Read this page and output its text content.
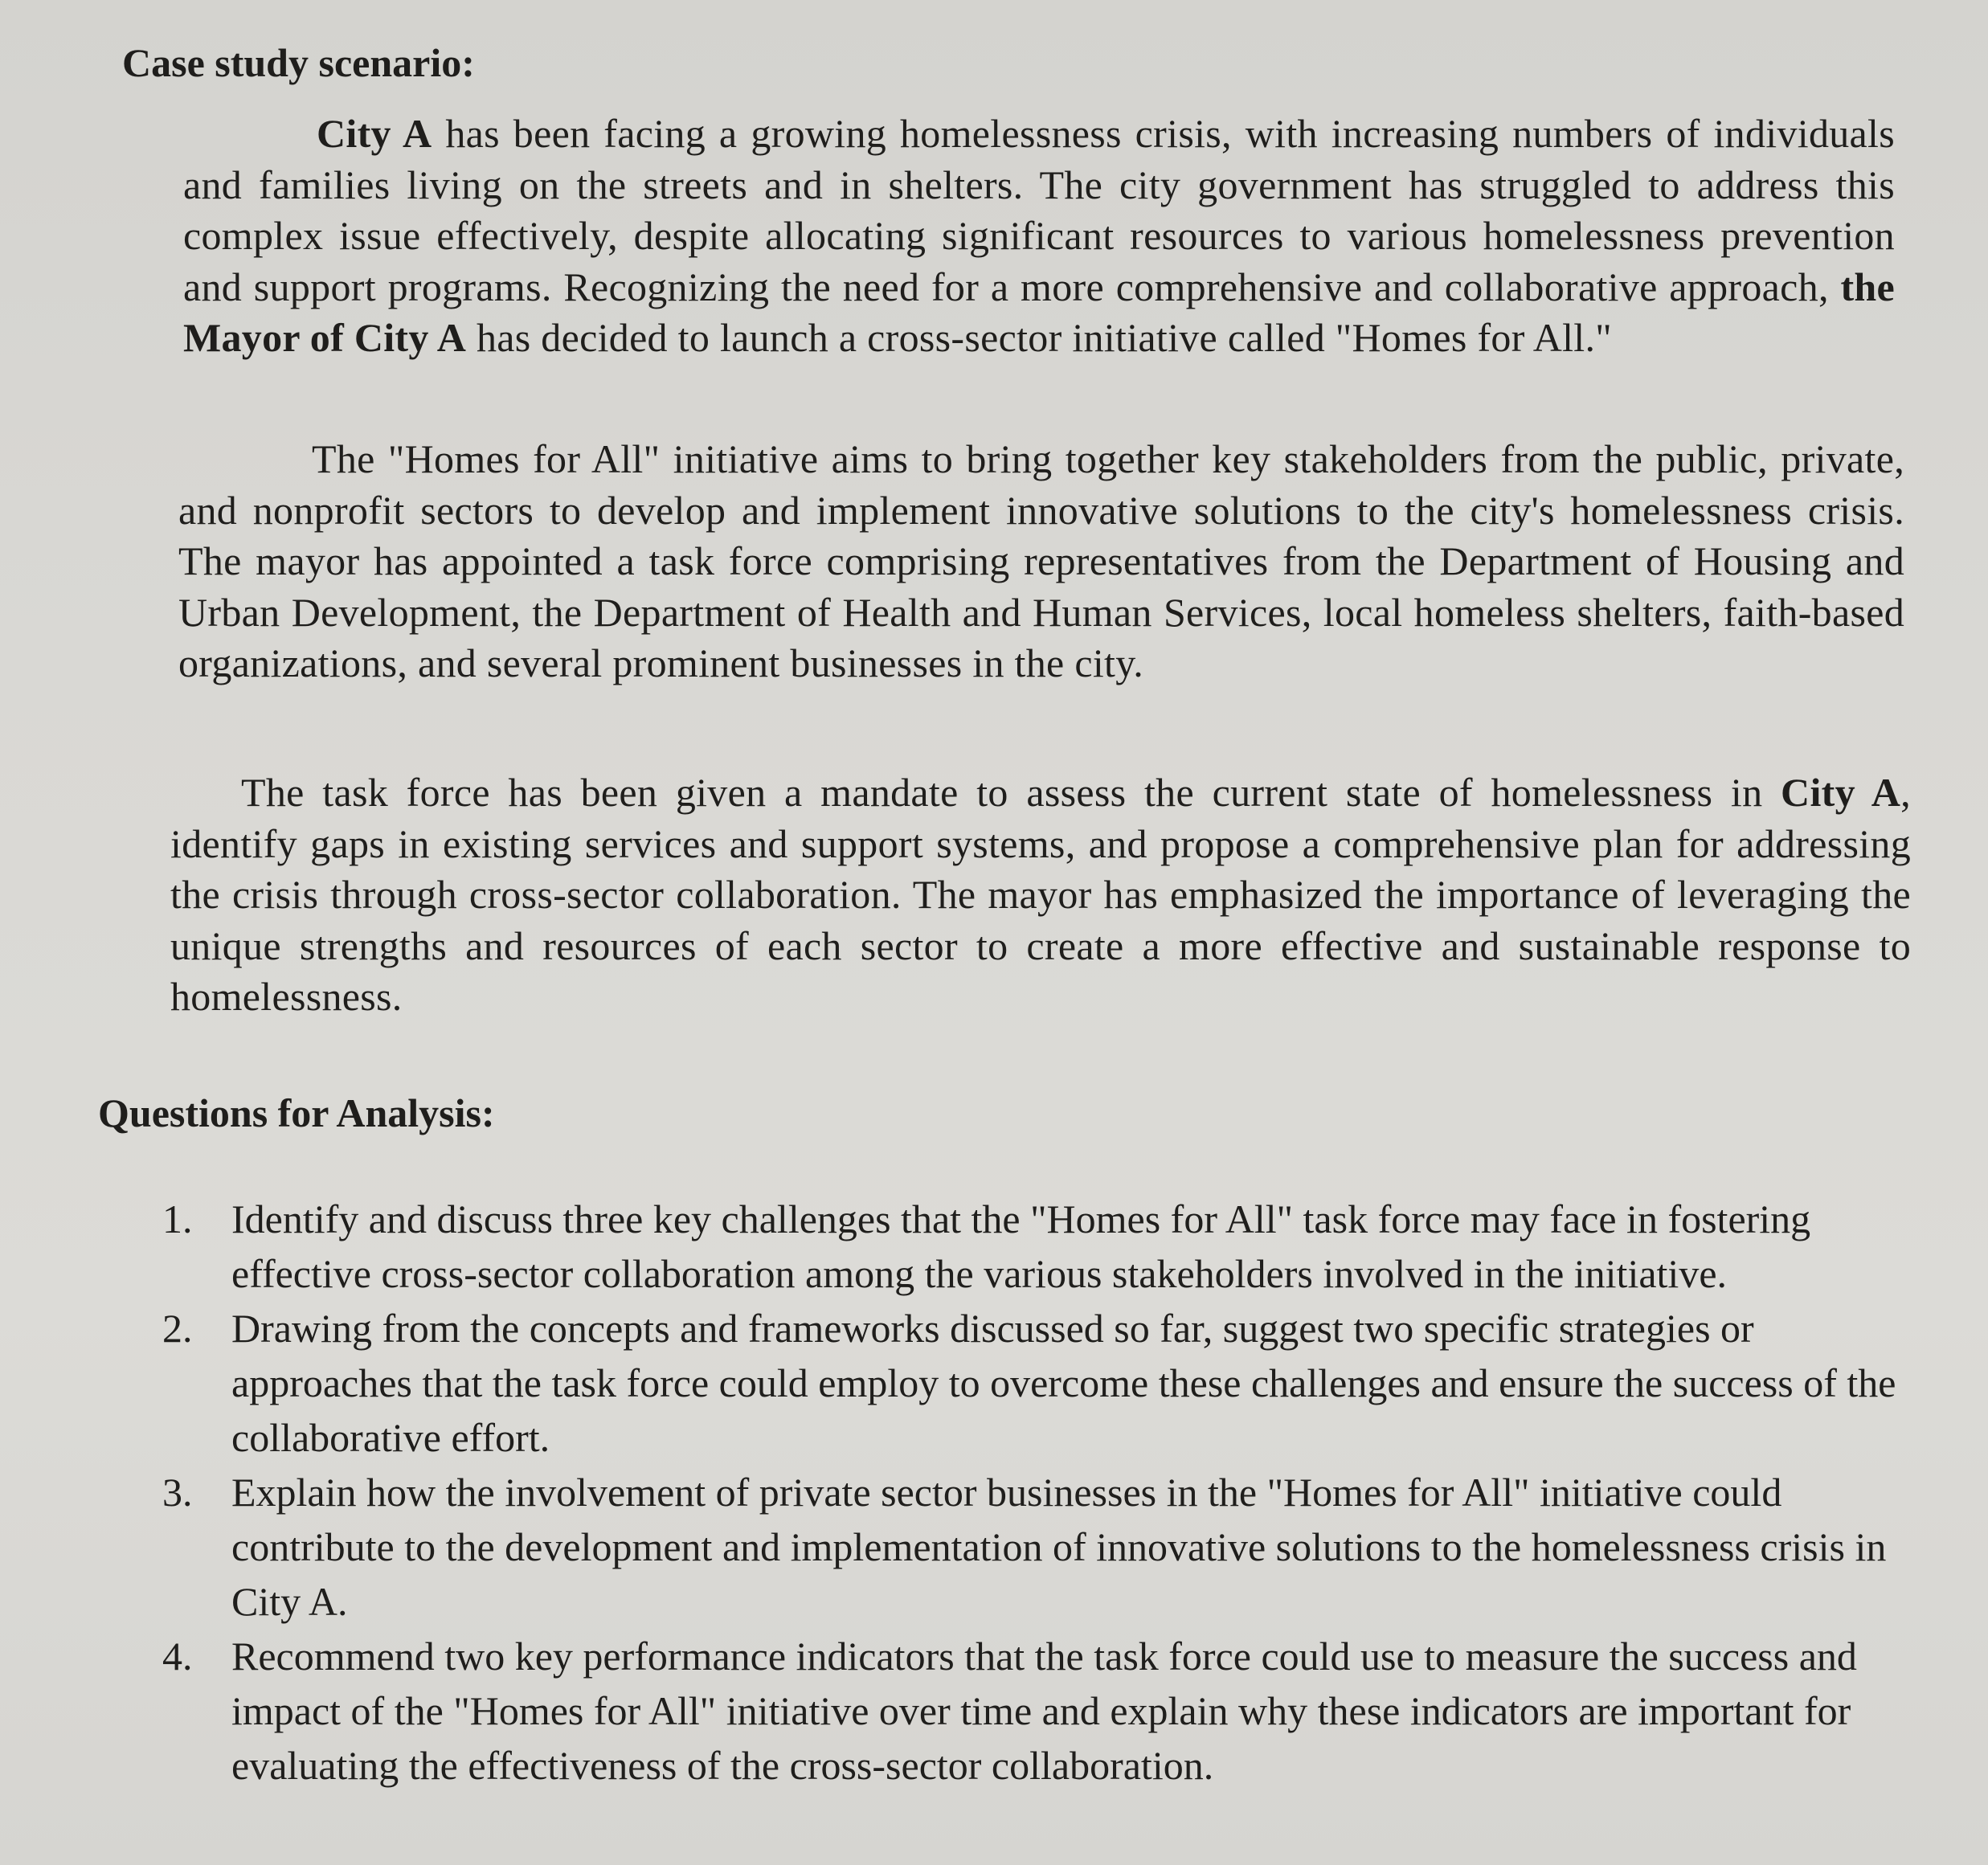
Case study scenario:

City A has been facing a growing homelessness crisis, with increasing numbers of individuals and families living on the streets and in shelters. The city government has struggled to address this complex issue effectively, despite allocating significant resources to various homelessness prevention and support programs. Recognizing the need for a more comprehensive and collaborative approach, the Mayor of City A has decided to launch a cross-sector initiative called "Homes for All."

The "Homes for All" initiative aims to bring together key stakeholders from the public, private, and nonprofit sectors to develop and implement innovative solutions to the city's homelessness crisis. The mayor has appointed a task force comprising representatives from the Department of Housing and Urban Development, the Department of Health and Human Services, local homeless shelters, faith-based organizations, and several prominent businesses in the city.

The task force has been given a mandate to assess the current state of homelessness in City A, identify gaps in existing services and support systems, and propose a comprehensive plan for addressing the crisis through cross-sector collaboration. The mayor has emphasized the importance of leveraging the unique strengths and resources of each sector to create a more effective and sustainable response to homelessness.

Questions for Analysis:
1. Identify and discuss three key challenges that the "Homes for All" task force may face in fostering effective cross-sector collaboration among the various stakeholders involved in the initiative.
2. Drawing from the concepts and frameworks discussed so far, suggest two specific strategies or approaches that the task force could employ to overcome these challenges and ensure the success of the collaborative effort.
3. Explain how the involvement of private sector businesses in the "Homes for All" initiative could contribute to the development and implementation of innovative solutions to the homelessness crisis in City A.
4. Recommend two key performance indicators that the task force could use to measure the success and impact of the "Homes for All" initiative over time and explain why these indicators are important for evaluating the effectiveness of the cross-sector collaboration.
